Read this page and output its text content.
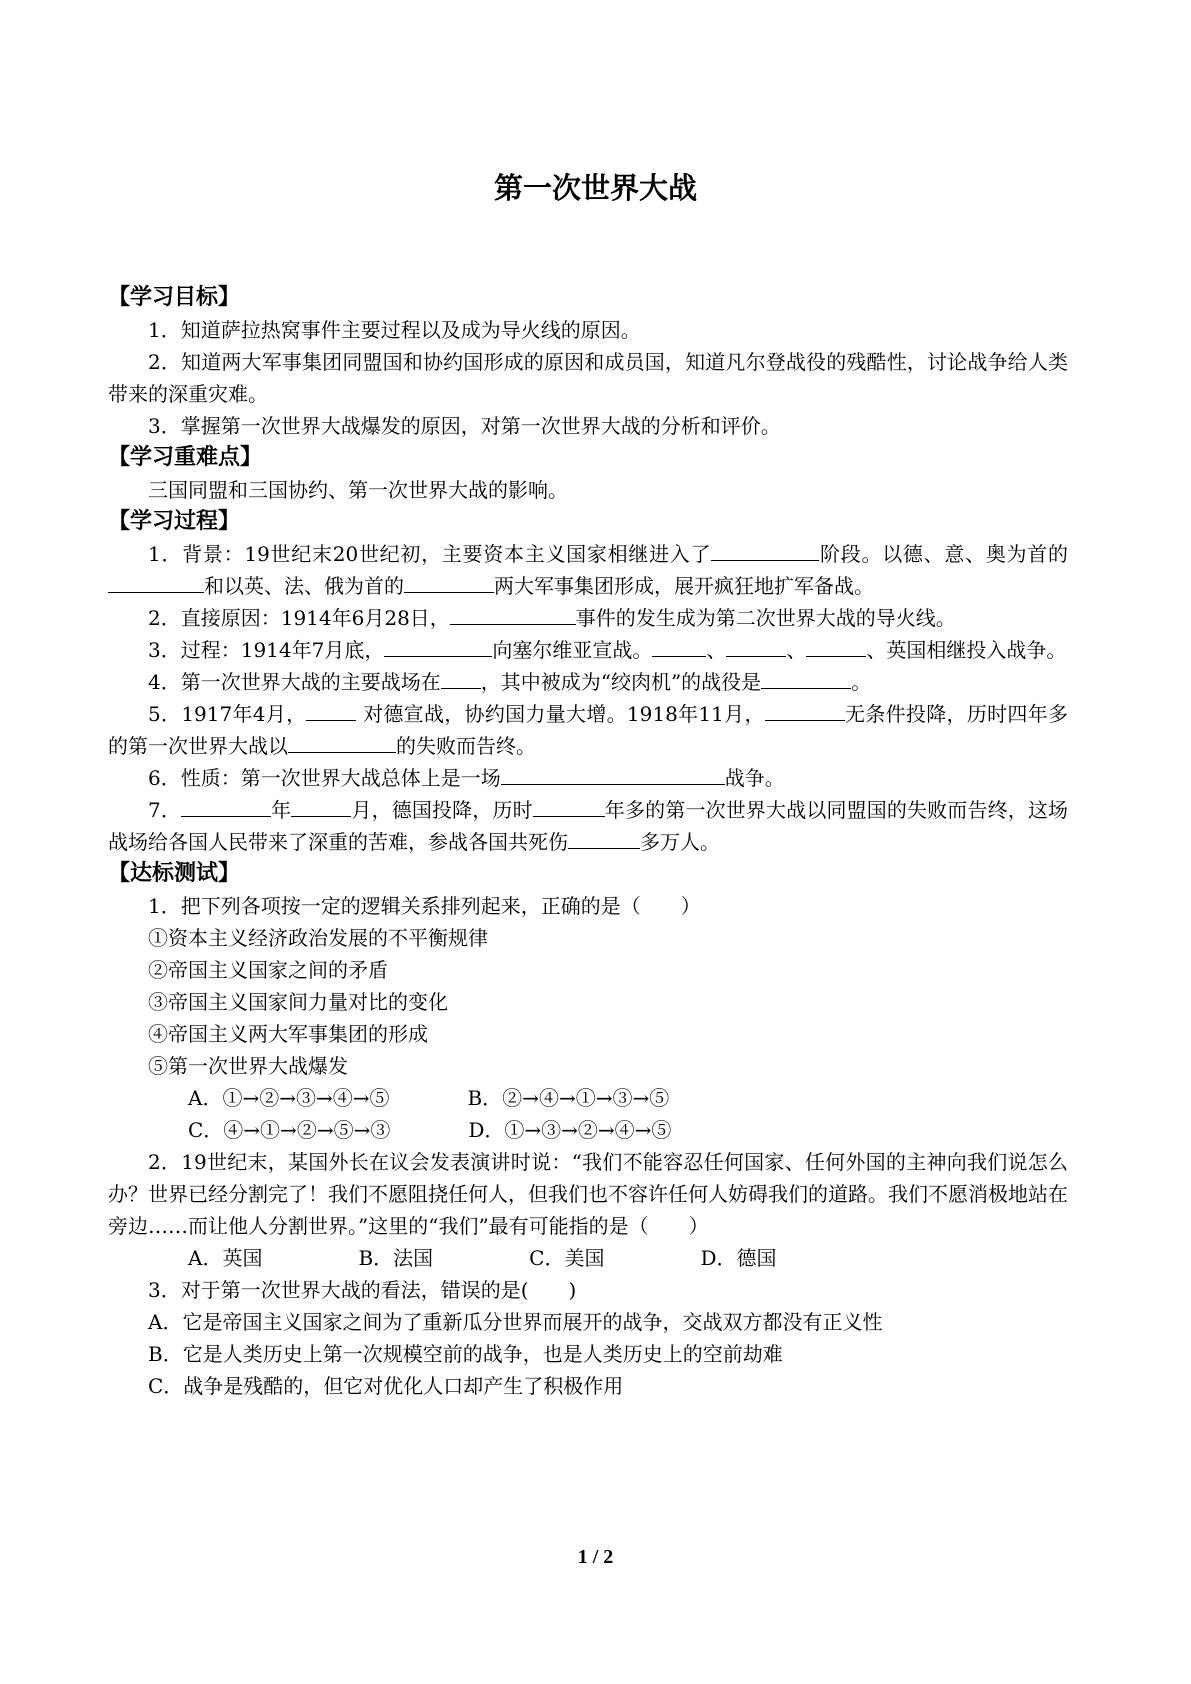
第一次世界大战
【学习目标】

1．知道萨拉热窝事件主要过程以及成为导火线的原因。

2．知道两大军事集团同盟国和协约国形成的原因和成员国，知道凡尔登战役的残酷性，讨论战争给人类带来的深重灾难。

3．掌握第一次世界大战爆发的原因，对第一次世界大战的分析和评价。

【学习重难点】

三国同盟和三国协约、第一次世界大战的影响。

【学习过程】

1．背景：19世纪末20世纪初，主要资本主义国家相继进入了	阶段。以德、意、奥为首的和以英、法、俄为首的	两大军事集团形成，展开疯狂地扩军备战。

2．直接原因：1914年6月28日，	事件的发生成为第二次世界大战的导火线。

3．过程：1914年7月底，	向塞尔维亚宣战。	、	、	、英国相继投入战争。

4．第一次世界大战的主要战场在 ，其中被成为“绞肉机”的战役是	。

5．1917年4月，	对德宣战，协约国力量大增。1918年11月，	无条件投降，历时四年多的第一次世界大战以	的失败而告终。

6．性质：第一次世界大战总体上是一场	战争。

7．	年	月，德国投降，历时	年多的第一次世界大战以同盟国的失败而告终，这场战场给各国人民带来了深重的苦难，参战各国共死伤	多万人。

【达标测试】

1．把下列各项按一定的逻辑关系排列起来，正确的是（　　）

①资本主义经济政治发展的不平衡规律

②帝国主义国家之间的矛盾

③帝国主义国家间力量对比的变化

④帝国主义两大军事集团的形成

⑤第一次世界大战爆发

A．①→②→③→④→⑤	B．②→④→①→③→⑤

C．④→①→②→⑤→③	D．①→③→②→④→⑤

2．19世纪末，某国外长在议会发表演讲时说：“我们不能容忍任何国家、任何外国的主神向我们说怎么办？世界已经分割完了！我们不愿阻挠任何人，但我们也不容许任何人妨碍我们的道路。我们不愿消极地站在旁边……而让他人分割世界。”这里的“我们”最有可能指的是（　　）

A．英国	B．法国	C．美国	D．德国

3．对于第一次世界大战的看法，错误的是(　　)

A．它是帝国主义国家之间为了重新瓜分世界而展开的战争，交战双方都没有正义性

B．它是人类历史上第一次规模空前的战争，也是人类历史上的空前劫难

C．战争是残酷的，但它对优化人口却产生了积极作用

1 / 2
